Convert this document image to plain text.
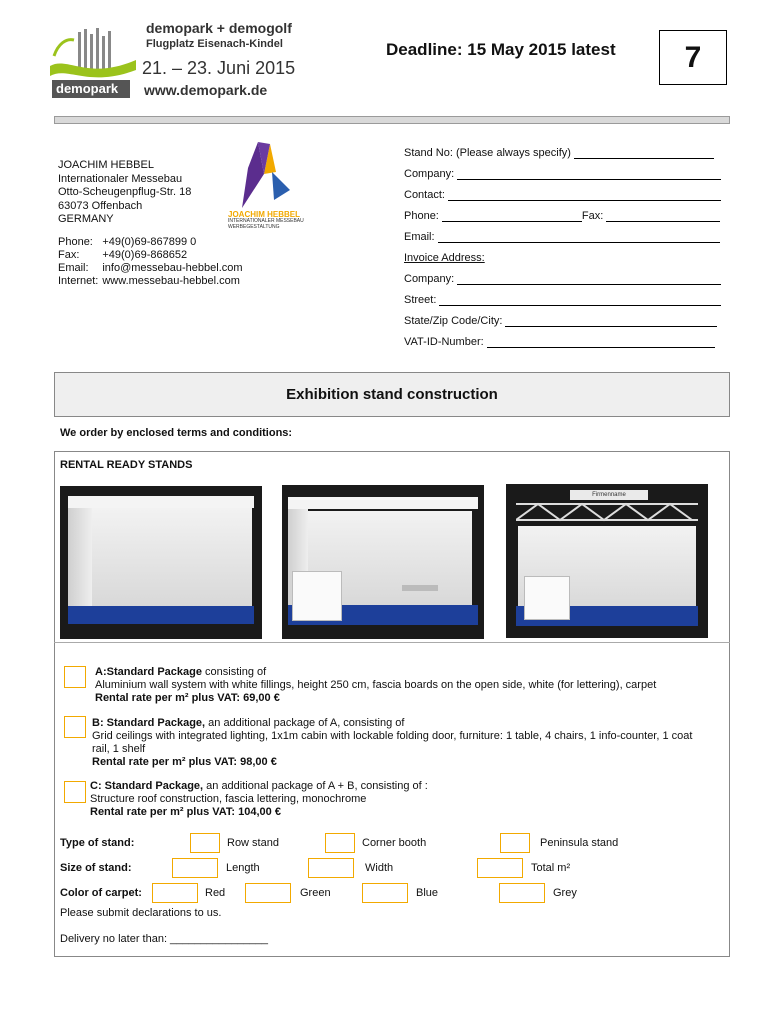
demopark
demopark + demogolf
Flugplatz Eisenach-Kindel
21. – 23. Juni 2015
www.demopark.de
Deadline: 15 May 2015 latest	7
JOACHIM HEBBEL
Internationaler Messebau
Otto-Scheugenpflug-Str. 18
63073 Offenbach
GERMANY
Phone:	+49(0)69-867899 0
Fax:	+49(0)69-868652
Email:	info@messebau-hebbel.com
Internet:	www.messebau-hebbel.com
JOACHIM HEBBEL
INTERNATIONALER MESSEBAU
WERBEGESTALTUNG
Stand No: (Please always specify)
Company:
Contact:
Phone:	Fax:
Email:
Invoice Address:
Company:
Street:
State/Zip Code/City:
VAT-ID-Number:
Exhibition stand construction
We order by enclosed terms and conditions:
RENTAL READY STANDS
Firmenname
A:Standard Package consisting of
Aluminium wall system with white fillings, height 250 cm, fascia boards on the open side, white (for lettering), carpet
Rental rate per m² plus VAT: 69,00 €
B: Standard Package, an additional package of A, consisting of
Grid ceilings with integrated lighting, 1x1m cabin with lockable folding door, furniture: 1 table, 4 chairs, 1 info-counter, 1 coat rail, 1 shelf
Rental rate per m² plus VAT: 98,00 €
C: Standard Package, an additional package of A + B, consisting of :
Structure roof construction, fascia lettering, monochrome
Rental rate per m² plus VAT: 104,00 €
Type of stand:	Row stand	Corner booth	Peninsula stand
Size of stand:	Length	Width	Total m²
Color of carpet:	Red	Green	Blue	Grey
Please submit declarations to us.
Delivery no later than: ________________
